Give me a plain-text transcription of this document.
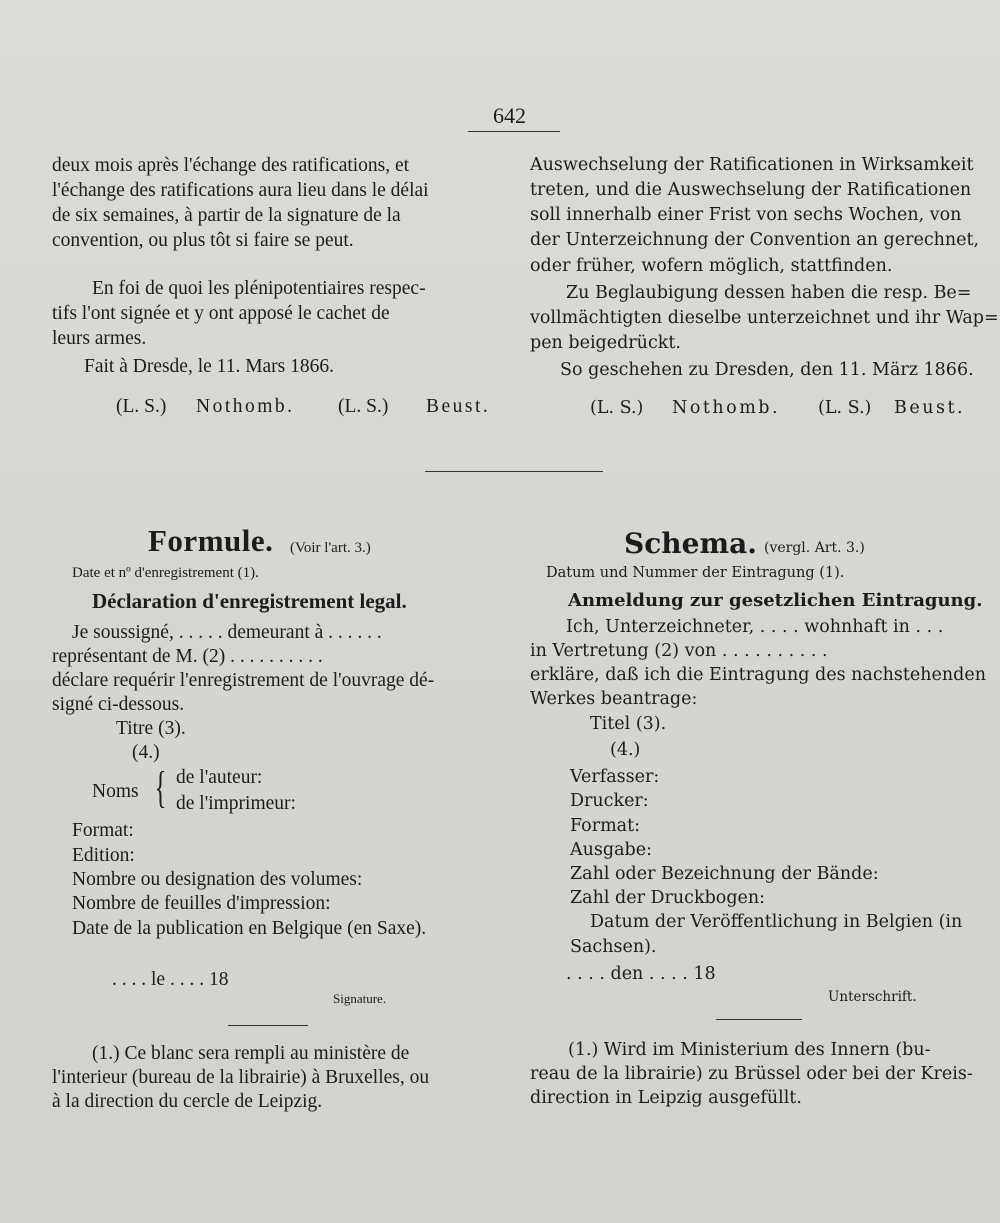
642
deux mois après l'échange des ratifications, et
l'échange des ratifications aura lieu dans le délai
de six semaines, à partir de la signature de la
convention, ou plus tôt si faire se peut.
En foi de quoi les plénipotentiaires respec-
tifs l'ont signée et y ont apposé le cachet de
leurs armes.
Fait à Dresde, le 11. Mars 1866.
(L. S.) Nothomb. (L. S.) Beust.
Auswechselung der Ratificationen in Wirksamkeit
treten, und die Auswechselung der Ratificationen
soll innerhalb einer Frist von sechs Wochen, von
der Unterzeichnung der Convention an gerechnet,
oder früher, wofern möglich, stattfinden.
Zu Beglaubigung dessen haben die resp. Be=
vollmächtigten dieselbe unterzeichnet und ihr Wap=
pen beigedrückt.
So geschehen zu Dresden, den 11. März 1866.
(L. S.) Nothomb. (L. S.) Beust.
Formule. (Voir l'art. 3.)
Date et nº d'enregistrement (1).
Déclaration d'enregistrement legal.
Je soussigné, . . . . . demeurant à . . . . . .
représentant de M. (2) . . . . . . . . . .
déclare requérir l'enregistrement de l'ouvrage dé-
signé ci-dessous.
Titre (3).
(4.)
Noms { de l'auteur:
de l'imprimeur:
Format:
Edition:
Nombre ou designation des volumes:
Nombre de feuilles d'impression:
Date de la publication en Belgique (en Saxe).
. . . . le . . . . 18
Signature.
(1.) Ce blanc sera rempli au ministère de
l'interieur (bureau de la librairie) à Bruxelles, ou
à la direction du cercle de Leipzig.
Schema. (vergl. Art. 3.)
Datum und Nummer der Eintragung (1).
Anmeldung zur gesetzlichen Eintragung.
Ich, Unterzeichneter, . . . . wohnhaft in . . .
in Vertretung (2) von . . . . . . . . . .
erkläre, daß ich die Eintragung des nachstehenden
Werkes beantrage:
Titel (3).
(4.)
Verfasser:
Drucker:
Format:
Ausgabe:
Zahl oder Bezeichnung der Bände:
Zahl der Druckbogen:
Datum der Veröffentlichung in Belgien (in
Sachsen).
. . . . den . . . . 18
Unterschrift.
(1.) Wird im Ministerium des Innern (bu-
reau de la librairie) zu Brüssel oder bei der Kreis-
direction in Leipzig ausgefüllt.
